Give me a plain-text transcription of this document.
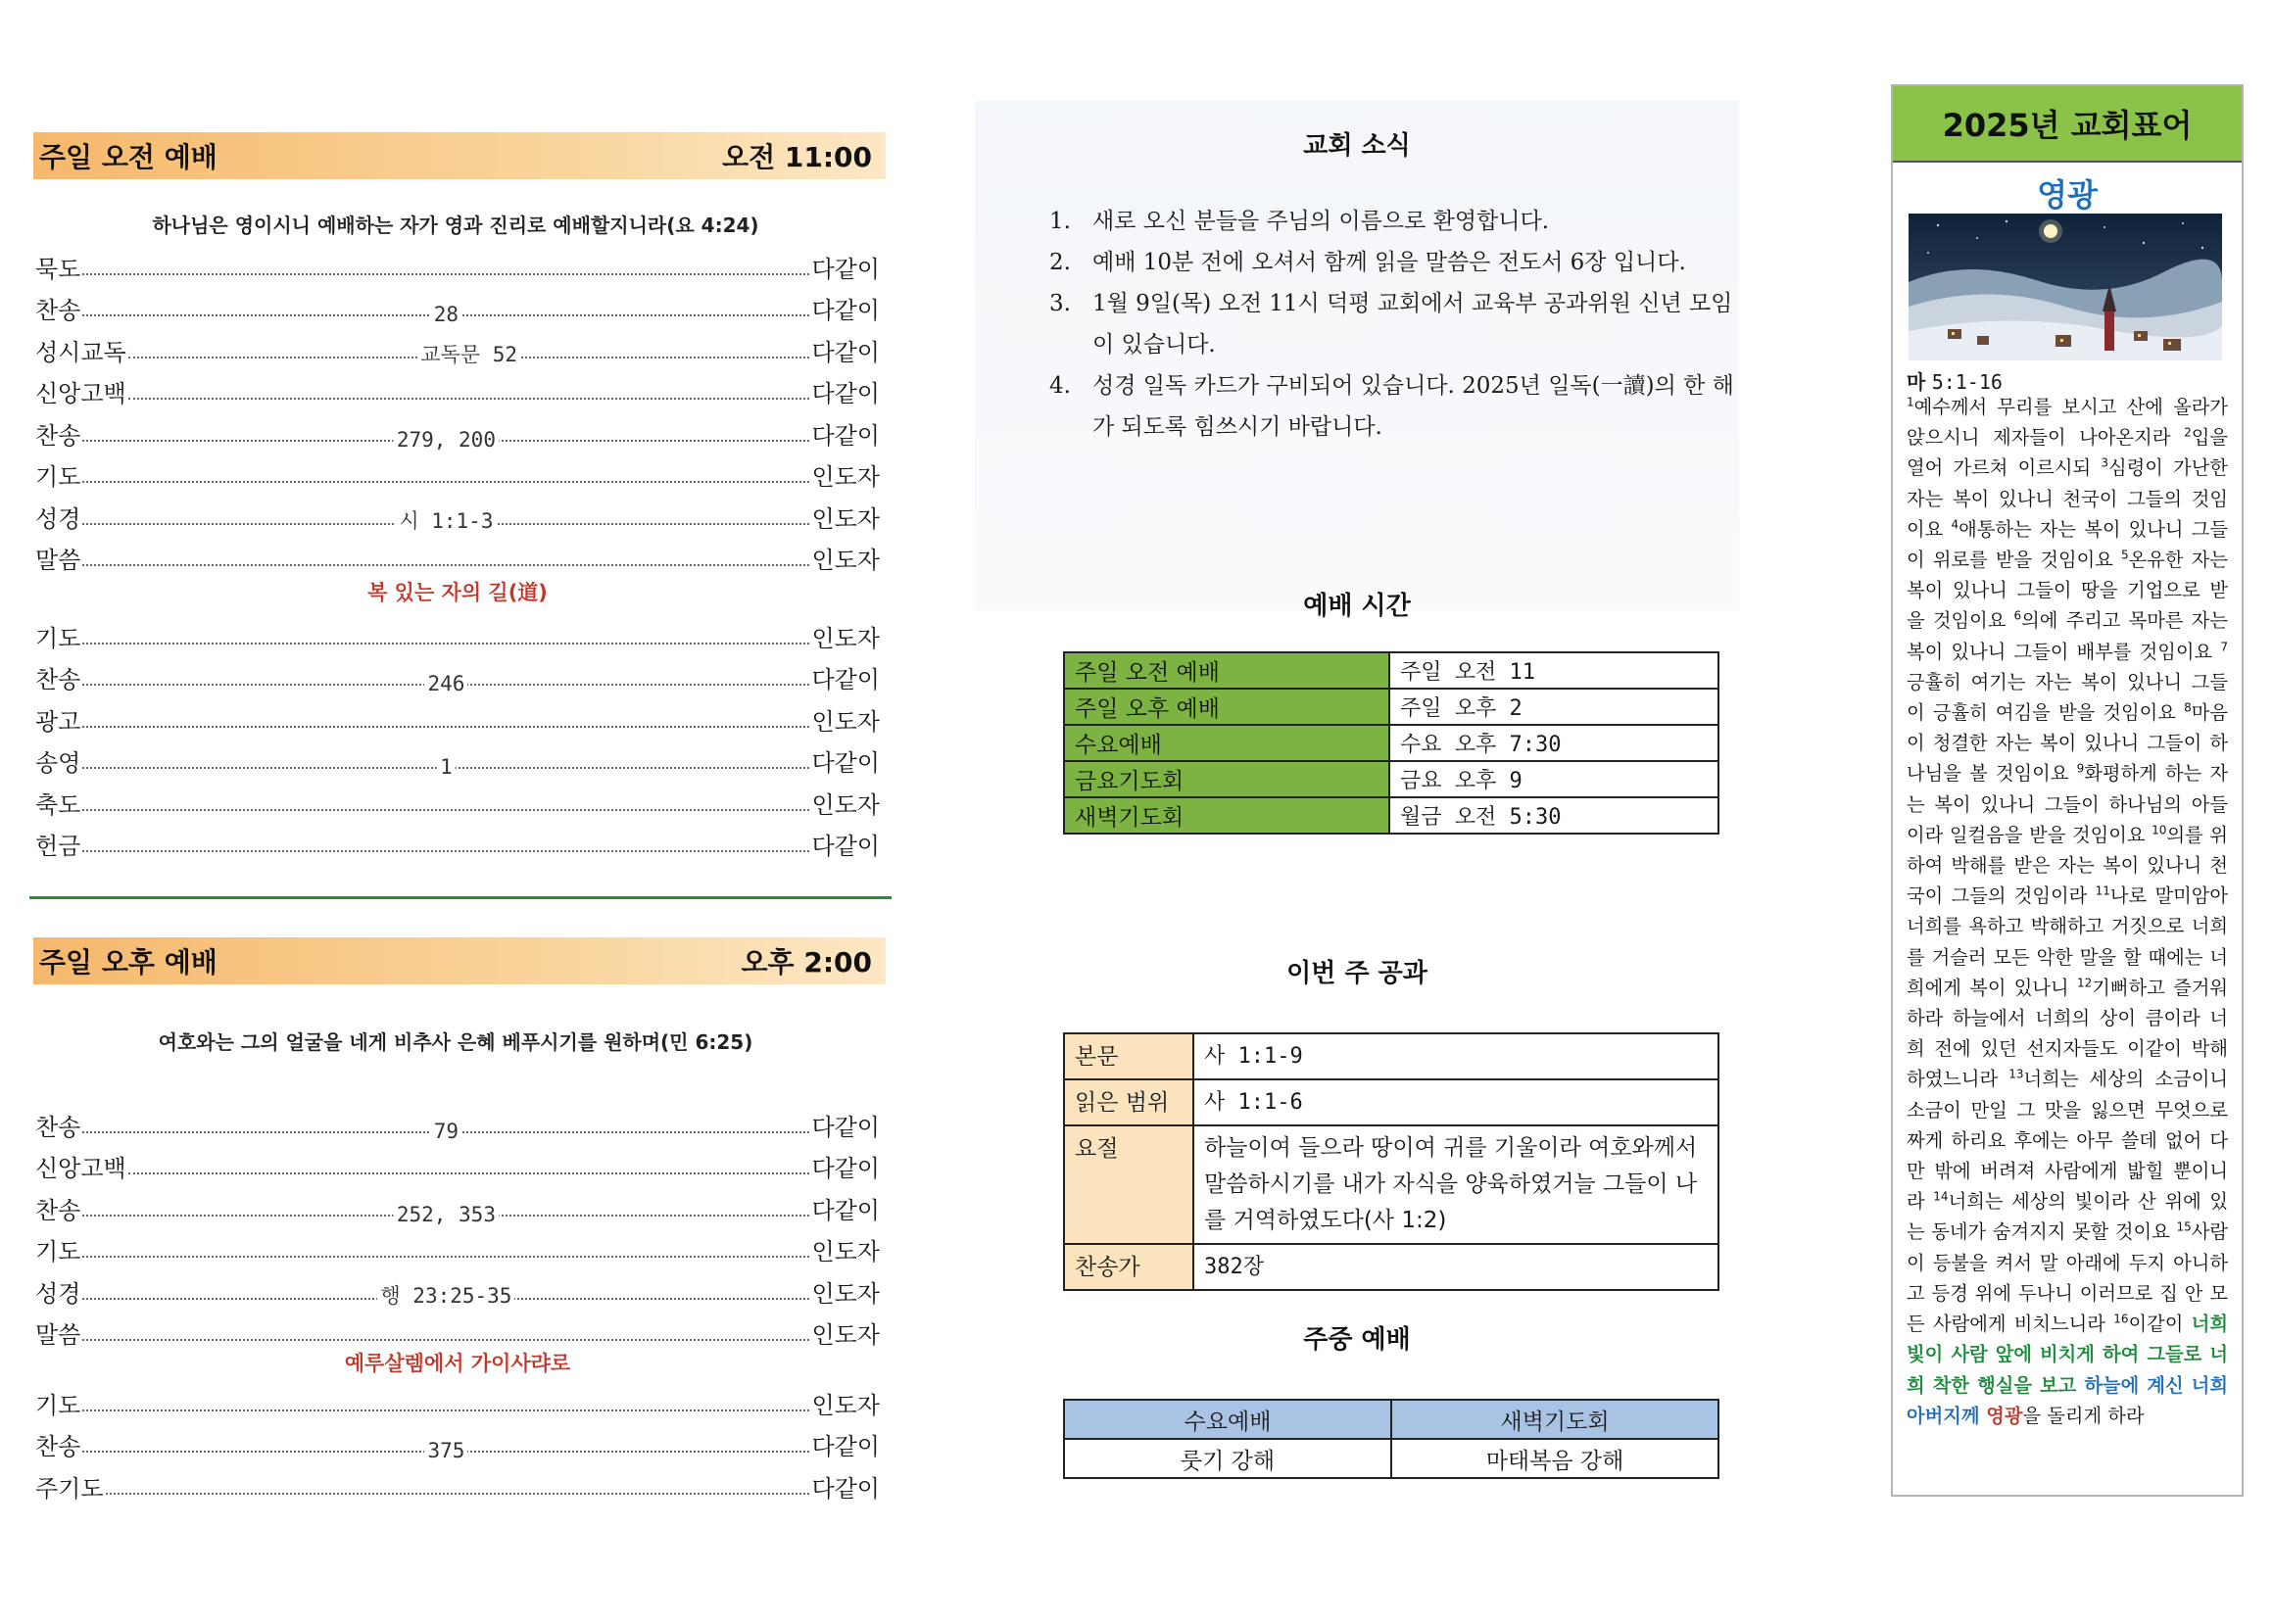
주일 오전 예배	오전 11:00
하나님은 영이시니 예배하는 자가 영과 진리로 예배할지니라(요 4:24)
묵도	다같이
찬송	28	다같이
성시교독	교독문 52	다같이
신앙고백	다같이
찬송	279, 200	다같이
기도	인도자
성경	시 1:1-3	인도자
말씀	인도자
복 있는 자의 길(道)
기도	인도자
찬송	246	다같이
광고	인도자
송영	1	다같이
축도	인도자
헌금	다같이
주일 오후 예배	오후 2:00
여호와는 그의 얼굴을 네게 비추사 은혜 베푸시기를 원하며(민 6:25)
찬송	79	다같이
신앙고백	다같이
찬송	252, 353	다같이
기도	인도자
성경	행 23:25-35	인도자
말씀	인도자
예루살렘에서 가이사랴로
기도	인도자
찬송	375	다같이
주기도	다같이
교회 소식
1. 새로 오신 분들을 주님의 이름으로 환영합니다.
2. 예배 10분 전에 오셔서 함께 읽을 말씀은 전도서 6장 입니다.
3. 1월 9일(목) 오전 11시 덕평 교회에서 교육부 공과위원 신년 모임이 있습니다.
4. 성경 일독 카드가 구비되어 있습니다. 2025년 일독(一讀)의 한 해가 되도록 힘쓰시기 바랍니다.
예배 시간
주일 오전 예배	주일 오전 11
주일 오후 예배	주일 오후 2
수요예배	수요 오후 7:30
금요기도회	금요 오후 9
새벽기도회	월금 오전 5:30
이번 주 공과
본문	사 1:1-9
읽은 범위	사 1:1-6
요절	하늘이여 들으라 땅이여 귀를 기울이라 여호와께서 말씀하시기를 내가 자식을 양육하였거늘 그들이 나를 거역하였도다(사 1:2)
찬송가	382장
주중 예배
수요예배	새벽기도회
룻기 강해	마태복음 강해
2025년 교회표어
영광
마 5:1-16
$^1$예수께서 무리를 보시고 산에 올라가 앉으시니 제자들이 나아온지라 $^2$입을 열어 가르쳐 이르시되 $^3$심령이 가난한 자는 복이 있나니 천국이 그들의 것임이요 $^4$애통하는 자는 복이 있나니 그들이 위로를 받을 것임이요 $^5$온유한 자는 복이 있나니 그들이 땅을 기업으로 받을 것임이요 $^6$의에 주리고 목마른 자는 복이 있나니 그들이 배부를 것임이요 $^7$긍휼히 여기는 자는 복이 있나니 그들이 긍휼히 여김을 받을 것임이요 $^8$마음이 청결한 자는 복이 있나니 그들이 하나님을 볼 것임이요 $^9$화평하게 하는 자는 복이 있나니 그들이 하나님의 아들이라 일컬음을 받을 것임이요 $^{10}$의를 위하여 박해를 받은 자는 복이 있나니 천국이 그들의 것임이라 $^{11}$나로 말미암아 너희를 욕하고 박해하고 거짓으로 너희를 거슬러 모든 악한 말을 할 때에는 너희에게 복이 있나니 $^{12}$기뻐하고 즐거워하라 하늘에서 너희의 상이 큼이라 너희 전에 있던 선지자들도 이같이 박해하였느니라 $^{13}$너희는 세상의 소금이니 소금이 만일 그 맛을 잃으면 무엇으로 짜게 하리요 후에는 아무 쓸데 없어 다만 밖에 버려져 사람에게 밟힐 뿐이니라 $^{14}$너희는 세상의 빛이라 산 위에 있는 동네가 숨겨지지 못할 것이요 $^{15}$사람이 등불을 켜서 말 아래에 두지 아니하고 등경 위에 두나니 이러므로 집 안 모든 사람에게 비치느니라 $^{16}$이같이 너희 빛이 사람 앞에 비치게 하여 그들로 너희 착한 행실을 보고 하늘에 계신 너희 아버지께 영광을 돌리게 하라
